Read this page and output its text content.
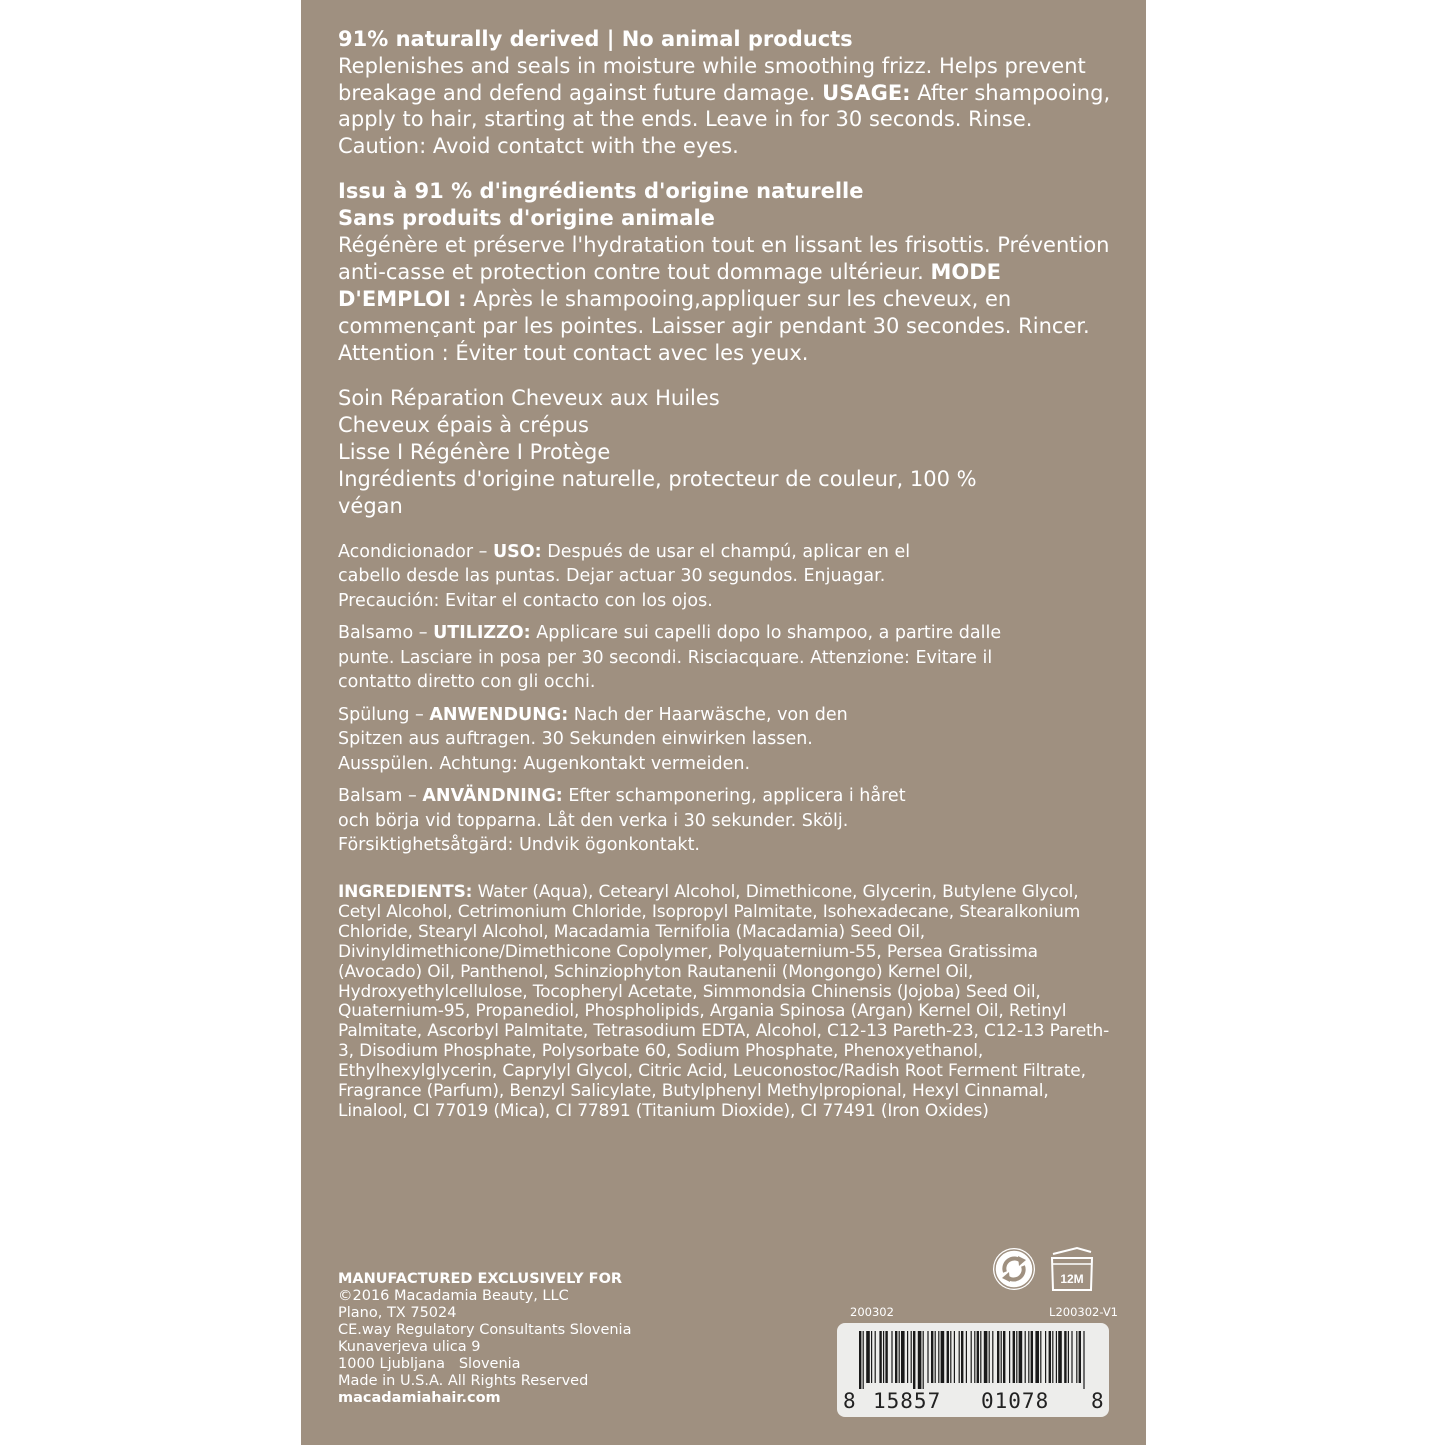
91% naturally derived | No animal products

Replenishes and seals in moisture while smoothing frizz. Helps prevent breakage and defend against future damage. USAGE: After shampooing, apply to hair, starting at the ends. Leave in for 30 seconds. Rinse. Caution: Avoid contatct with the eyes.

Issu à 91 % d'ingrédients d'origine naturelle

Sans produits d'origine animale

Régénère et préserve l'hydratation tout en lissant les frisottis. Prévention anti-casse et protection contre tout dommage ultérieur. MODE D'EMPLOI : Après le shampooing,appliquer sur les cheveux, en commençant par les pointes. Laisser agir pendant 30 secondes. Rincer. Attention : Éviter tout contact avec les yeux.

Soin Réparation Cheveux aux Huiles

Cheveux épais à crépus

Lisse I Régénère I Protège

Ingrédients d'origine naturelle, protecteur de couleur, 100 % végan

Acondicionador – USO: Después de usar el champú, aplicar en el cabello desde las puntas. Dejar actuar 30 segundos. Enjuagar. Precaución: Evitar el contacto con los ojos.

Balsamo – UTILIZZO: Applicare sui capelli dopo lo shampoo, a partire dalle punte. Lasciare in posa per 30 secondi. Risciacquare. Attenzione: Evitare il contatto diretto con gli occhi.

Spülung – ANWENDUNG: Nach der Haarwäsche, von den Spitzen aus auftragen. 30 Sekunden einwirken lassen. Ausspülen. Achtung: Augenkontakt vermeiden.

Balsam – ANVÄNDNING: Efter schamponering, applicera i håret och börja vid topparna. Låt den verka i 30 sekunder. Skölj. Försiktighetsåtgärd: Undvik ögonkontakt.

INGREDIENTS: Water (Aqua), Cetearyl Alcohol, Dimethicone, Glycerin, Butylene Glycol, Cetyl Alcohol, Cetrimonium Chloride, Isopropyl Palmitate, Isohexadecane, Stearalkonium Chloride, Stearyl Alcohol, Macadamia Ternifolia (Macadamia) Seed Oil, Divinyldimethicone/Dimethicone Copolymer, Polyquaternium-55, Persea Gratissima (Avocado) Oil, Panthenol, Schinziophyton Rautanenii (Mongongo) Kernel Oil, Hydroxyethylcellulose, Tocopheryl Acetate, Simmondsia Chinensis (Jojoba) Seed Oil, Quaternium-95, Propanediol, Phospholipids, Argania Spinosa (Argan) Kernel Oil, Retinyl Palmitate, Ascorbyl Palmitate, Tetrasodium EDTA, Alcohol, C12-13 Pareth-23, C12-13 Pareth-3, Disodium Phosphate, Polysorbate 60, Sodium Phosphate, Phenoxyethanol, Ethylhexylglycerin, Caprylyl Glycol, Citric Acid, Leuconostoc/Radish Root Ferment Filtrate, Fragrance (Parfum), Benzyl Salicylate, Butylphenyl Methylpropional, Hexyl Cinnamal, Linalool, CI 77019 (Mica), CI 77891 (Titanium Dioxide), CI 77491 (Iron Oxides)

MANUFACTURED EXCLUSIVELY FOR

©2016 Macadamia Beauty, LLC

Plano, TX 75024

CE.way Regulatory Consultants Slovenia

Kunaverjeva ulica 9

1000 Ljubljana   Slovenia

Made in U.S.A. All Rights Reserved

macadamiahair.com

12M
200302	L200302-V1
8 15857 01078 8
